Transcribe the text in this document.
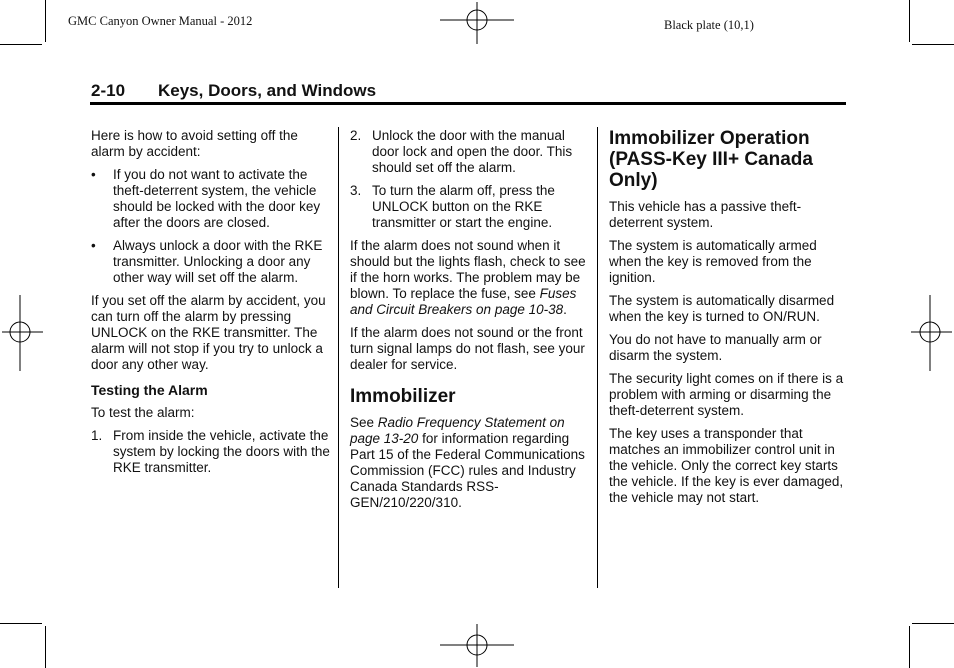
GMC Canyon Owner Manual - 2012	Black plate (10,1)
2-10 Keys, Doors, and Windows

Here is how to avoid setting off the alarm by accident:

•	If you do not want to activate the theft-deterrent system, the vehicle should be locked with the door key after the doors are closed.
•	Always unlock a door with the RKE transmitter. Unlocking a door any other way will set off the alarm.

If you set off the alarm by accident, you can turn off the alarm by pressing UNLOCK on the RKE transmitter. The alarm will not stop if you try to unlock a door any other way.

Testing the Alarm

To test the alarm:

1. From inside the vehicle, activate the system by locking the doors with the RKE transmitter.
2. Unlock the door with the manual door lock and open the door. This should set off the alarm.
3. To turn the alarm off, press the UNLOCK button on the RKE transmitter or start the engine.

If the alarm does not sound when it should but the lights flash, check to see if the horn works. The problem may be blown. To replace the fuse, see Fuses and Circuit Breakers on page 10-38.

If the alarm does not sound or the front turn signal lamps do not flash, see your dealer for service.

Immobilizer

See Radio Frequency Statement on page 13-20 for information regarding Part 15 of the Federal Communications Commission (FCC) rules and Industry Canada Standards RSS-GEN/210/220/310.

Immobilizer Operation (PASS-Key III+ Canada Only)

This vehicle has a passive theft-deterrent system.

The system is automatically armed when the key is removed from the ignition.

The system is automatically disarmed when the key is turned to ON/RUN.

You do not have to manually arm or disarm the system.

The security light comes on if there is a problem with arming or disarming the theft-deterrent system.

The key uses a transponder that matches an immobilizer control unit in the vehicle. Only the correct key starts the vehicle. If the key is ever damaged, the vehicle may not start.
